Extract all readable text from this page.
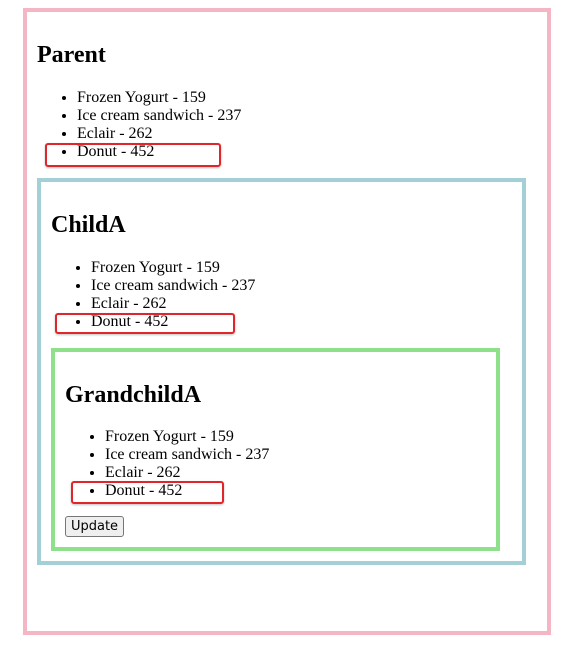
Parent
• Frozen Yogurt - 159
• Ice cream sandwich - 237
• Eclair - 262
• Donut - 452
ChildA
• Frozen Yogurt - 159
• Ice cream sandwich - 237
• Eclair - 262
• Donut - 452
GrandchildA
• Frozen Yogurt - 159
• Ice cream sandwich - 237
• Eclair - 262
• Donut - 452
Update
